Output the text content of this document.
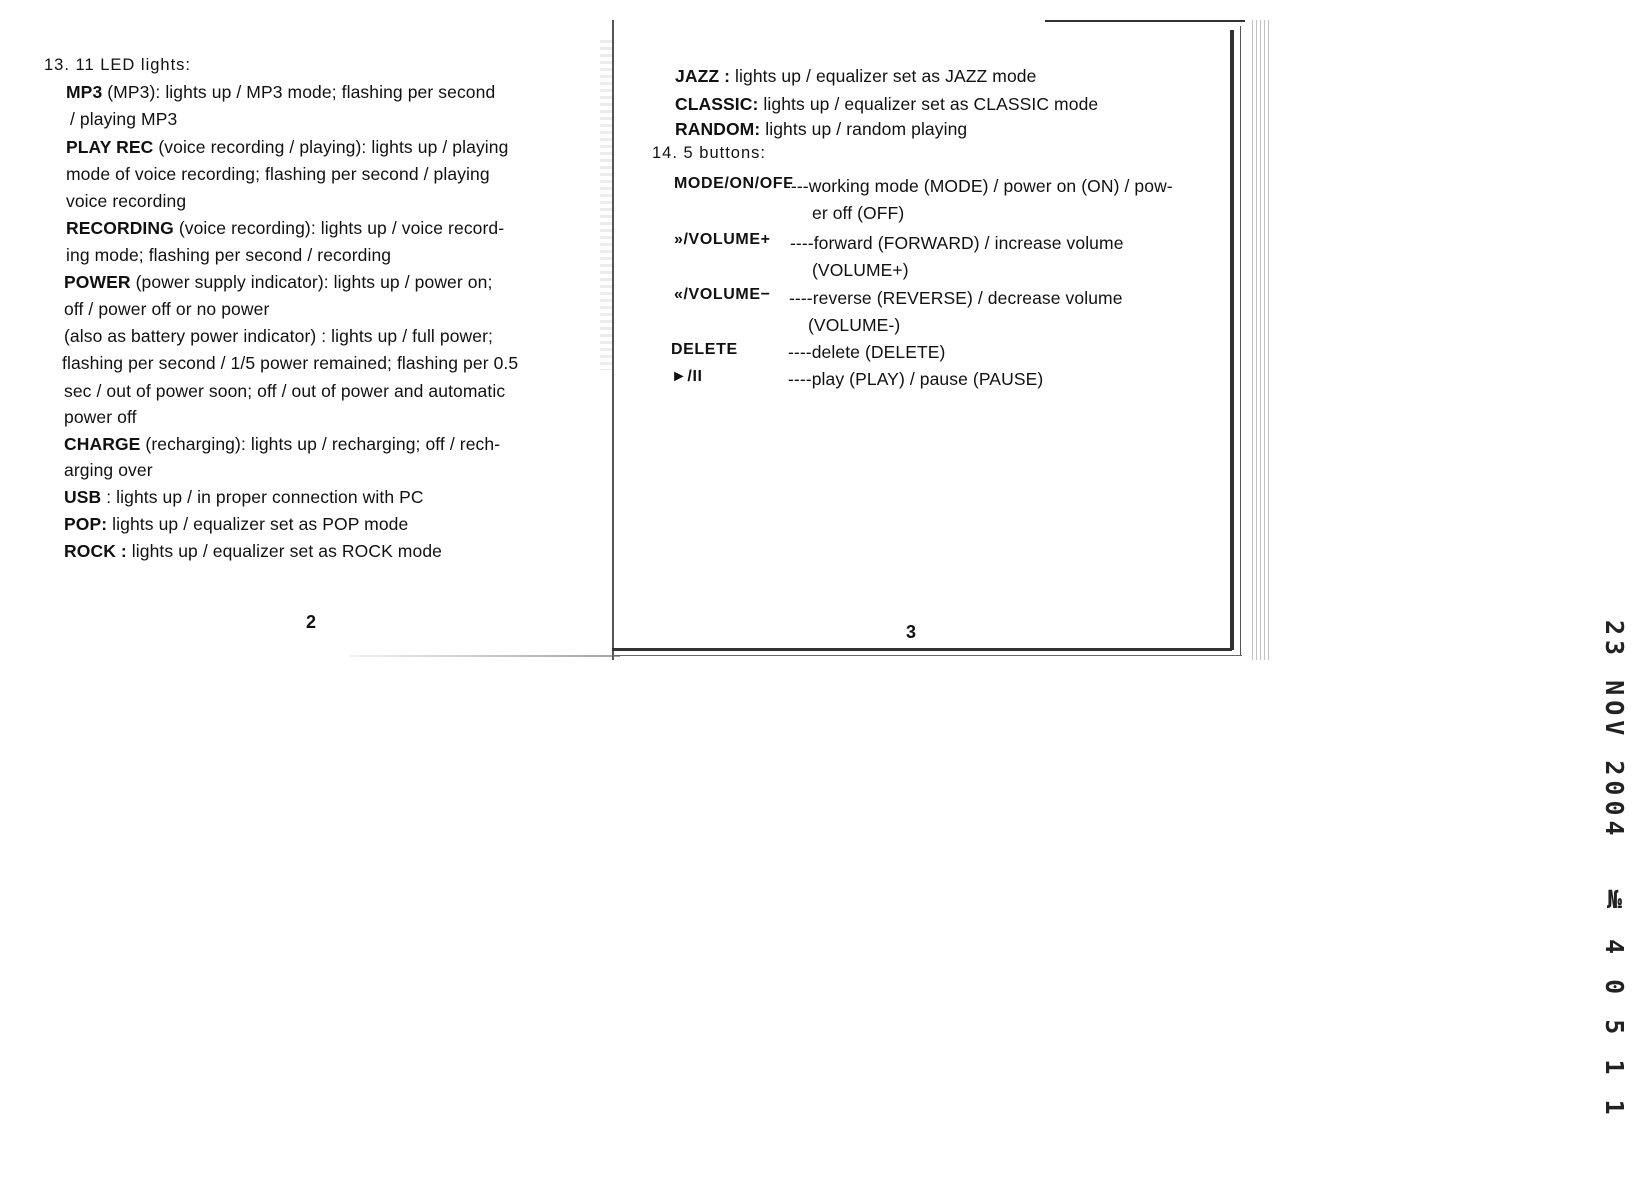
13. 11 LED lights:
MP3 (MP3): lights up / MP3 mode; flashing per second
/ playing MP3
PLAY REC (voice recording / playing): lights up / playing
mode of voice recording; flashing per second / playing
voice recording
RECORDING (voice recording): lights up / voice record-
ing mode; flashing per second / recording
POWER (power supply indicator): lights up / power on;
off / power off or no power
(also as battery power indicator) : lights up / full power;
flashing per second / 1/5 power remained; flashing per 0.5
sec / out of power soon; off / out of power and automatic
power off
CHARGE (recharging): lights up / recharging; off / rech-
arging over
USB : lights up / in proper connection with PC
POP: lights up / equalizer set as POP mode
ROCK : lights up / equalizer set as ROCK mode
2
JAZZ : lights up / equalizer set as JAZZ mode
CLASSIC: lights up / equalizer set as CLASSIC mode
RANDOM: lights up / random playing
14. 5 buttons:
MODE/ON/OFF
----working mode (MODE) / power on (ON) / pow-
er off (OFF)
»/VOLUME+ ----forward (FORWARD) / increase volume
(VOLUME+)
«/VOLUME− ----reverse (REVERSE) / decrease volume
(VOLUME-)
DELETE	----delete (DELETE)
►/II	----play (PLAY) / pause (PAUSE)
3	23 NOV 2004
№ 4 0 5 1 1
